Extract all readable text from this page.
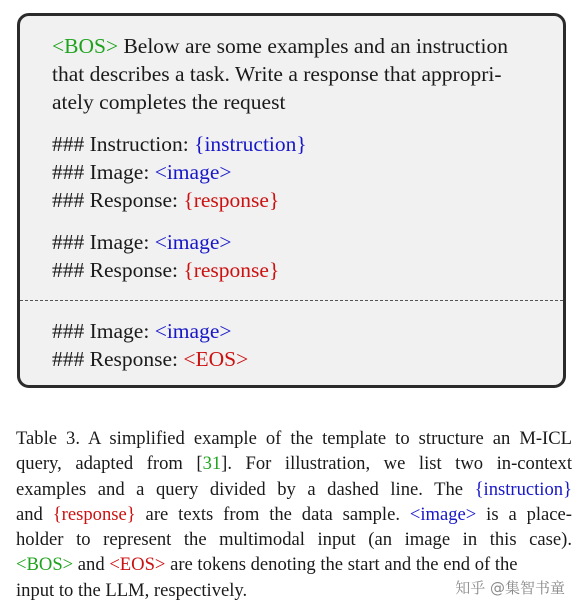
<BOS> Below are some examples and an instruction
that describes a task. Write a response that appropri-
ately completes the request
### Instruction: {instruction}
### Image: <image>
### Response: {response}
### Image: <image>
### Response: {response}
### Image: <image>
### Response: <EOS>
Table 3. A simplified example of the template to structure an M-ICL
query, adapted from [31]. For illustration, we list two in-context
examples and a query divided by a dashed line. The {instruction}
and {response} are texts from the data sample. <image> is a place-
holder to represent the multimodal input (an image in this case).
<BOS> and <EOS> are tokens denoting the start and the end of the
input to the LLM, respectively.	知乎 @集智书童
